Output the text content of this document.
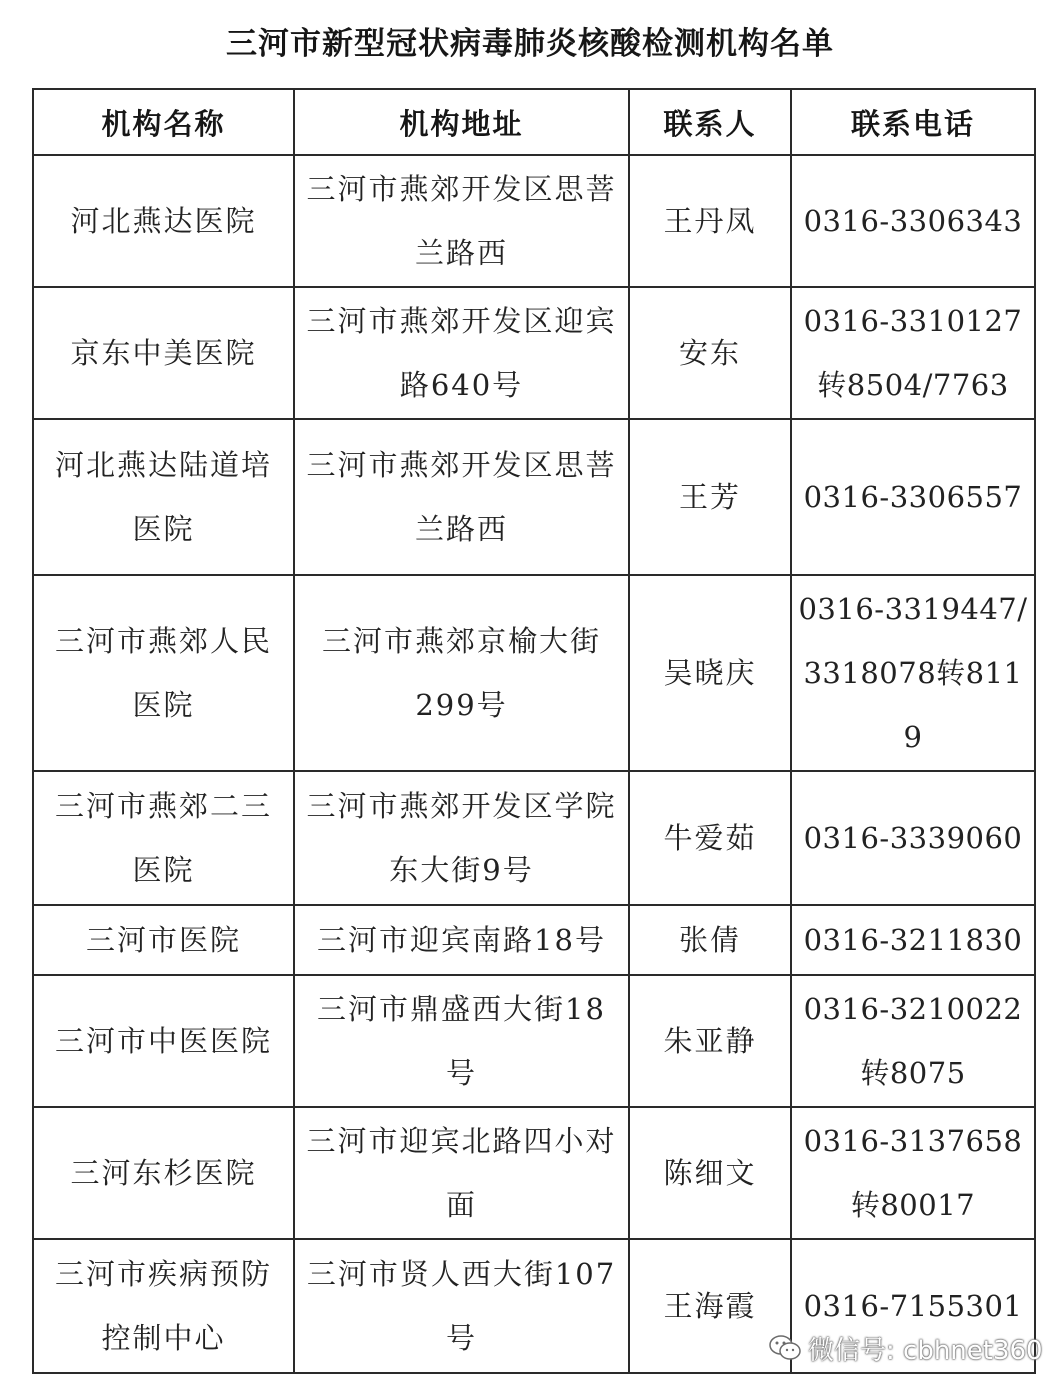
三河市新型冠状病毒肺炎核酸检测机构名单
机构名称	机构地址	联系人	联系电话
河北燕达医院	三河市燕郊开发区思菩兰路西	王丹凤	0316-3306343
京东中美医院	三河市燕郊开发区迎宾路640号	安东	0316-3310127转8504/7763
河北燕达陆道培医院	三河市燕郊开发区思菩兰路西	王芳	0316-3306557
三河市燕郊人民医院	三河市燕郊京榆大街299号	吴晓庆	0316-3319447/3318078转8119
三河市燕郊二三医院	三河市燕郊开发区学院东大街9号	牛爱茹	0316-3339060
三河市医院	三河市迎宾南路18号	张倩	0316-3211830
三河市中医医院	三河市鼎盛西大街18号	朱亚静	0316-3210022转8075
三河东杉医院	三河市迎宾北路四小对面	陈细文	0316-3137658转80017
三河市疾病预防控制中心	三河市贤人西大街107号	王海霞	0316-7155301
微信号: cbhnet360
